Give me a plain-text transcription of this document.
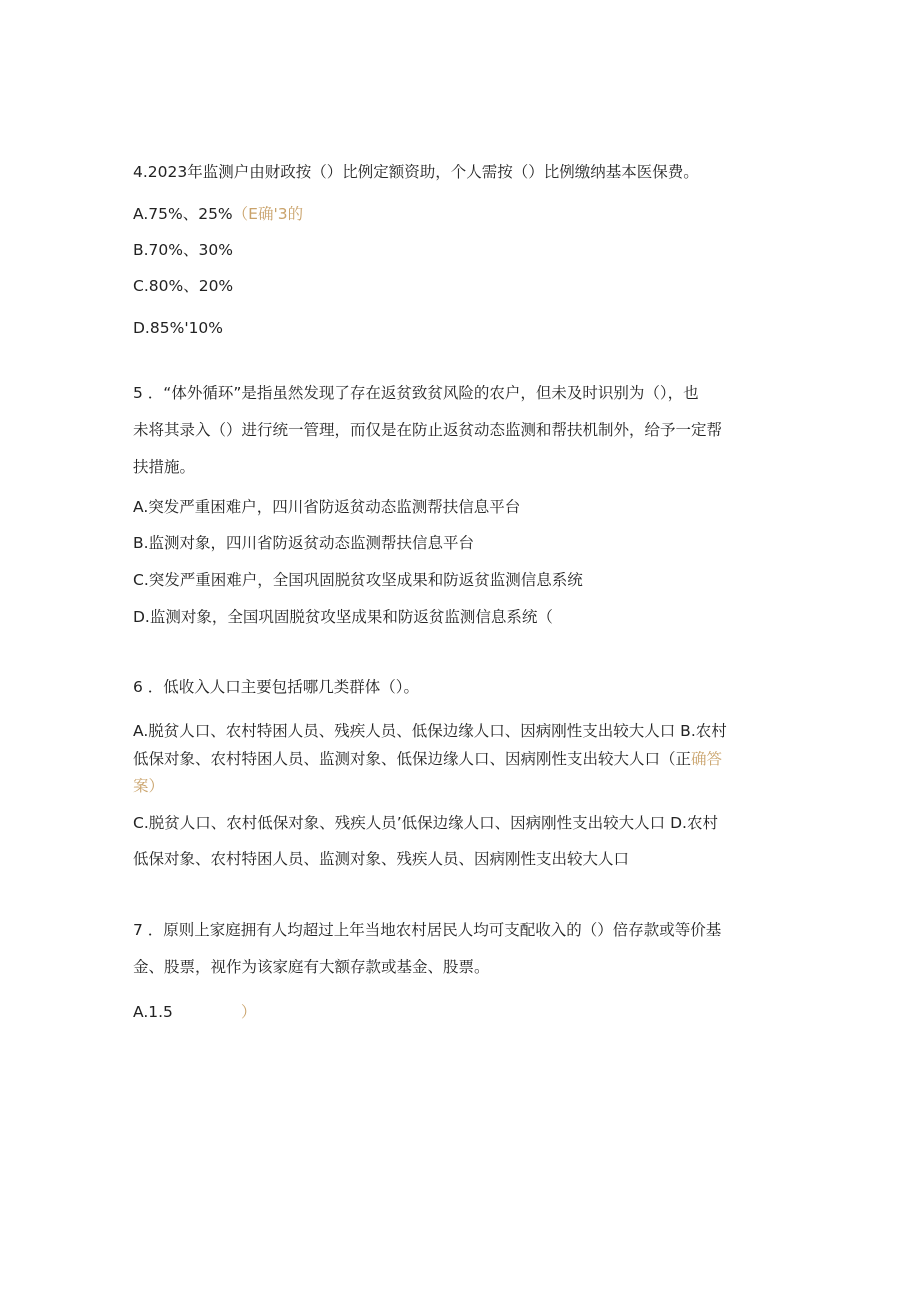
4.2023年监测户由财政按（）比例定额资助，个人需按（）比例缴纳基本医保费。
A.75%、25%（E确'3的
B.70%、30%
C.80%、20%
D.85%'10%
5 ．“体外循环”是指虽然发现了存在返贫致贫风险的农户，但未及时识别为（），也
未将其录入（）进行统一管理，而仅是在防止返贫动态监测和帮扶机制外，给予一定帮
扶措施。
A.突发严重困难户，四川省防返贫动态监测帮扶信息平台
B.监测对象，四川省防返贫动态监测帮扶信息平台
C.突发严重困难户，全国巩固脱贫攻坚成果和防返贫监测信息系统
D.监测对象，全国巩固脱贫攻坚成果和防返贫监测信息系统（
6 ．低收入人口主要包括哪几类群体（）。
A.脱贫人口、农村特困人员、残疾人员、低保边缘人口、因病刚性支出较大人口 B.农村
低保对象、农村特困人员、监测对象、低保边缘人口、因病刚性支出较大人口（正确答
案）
C.脱贫人口、农村低保对象、残疾人员’低保边缘人口、因病刚性支出较大人口 D.农村
低保对象、农村特困人员、监测对象、残疾人员、因病刚性支出较大人口
7 ．原则上家庭拥有人均超过上年当地农村居民人均可支配收入的（）倍存款或等价基
金、股票，视作为该家庭有大额存款或基金、股票。
A.1.5	）
